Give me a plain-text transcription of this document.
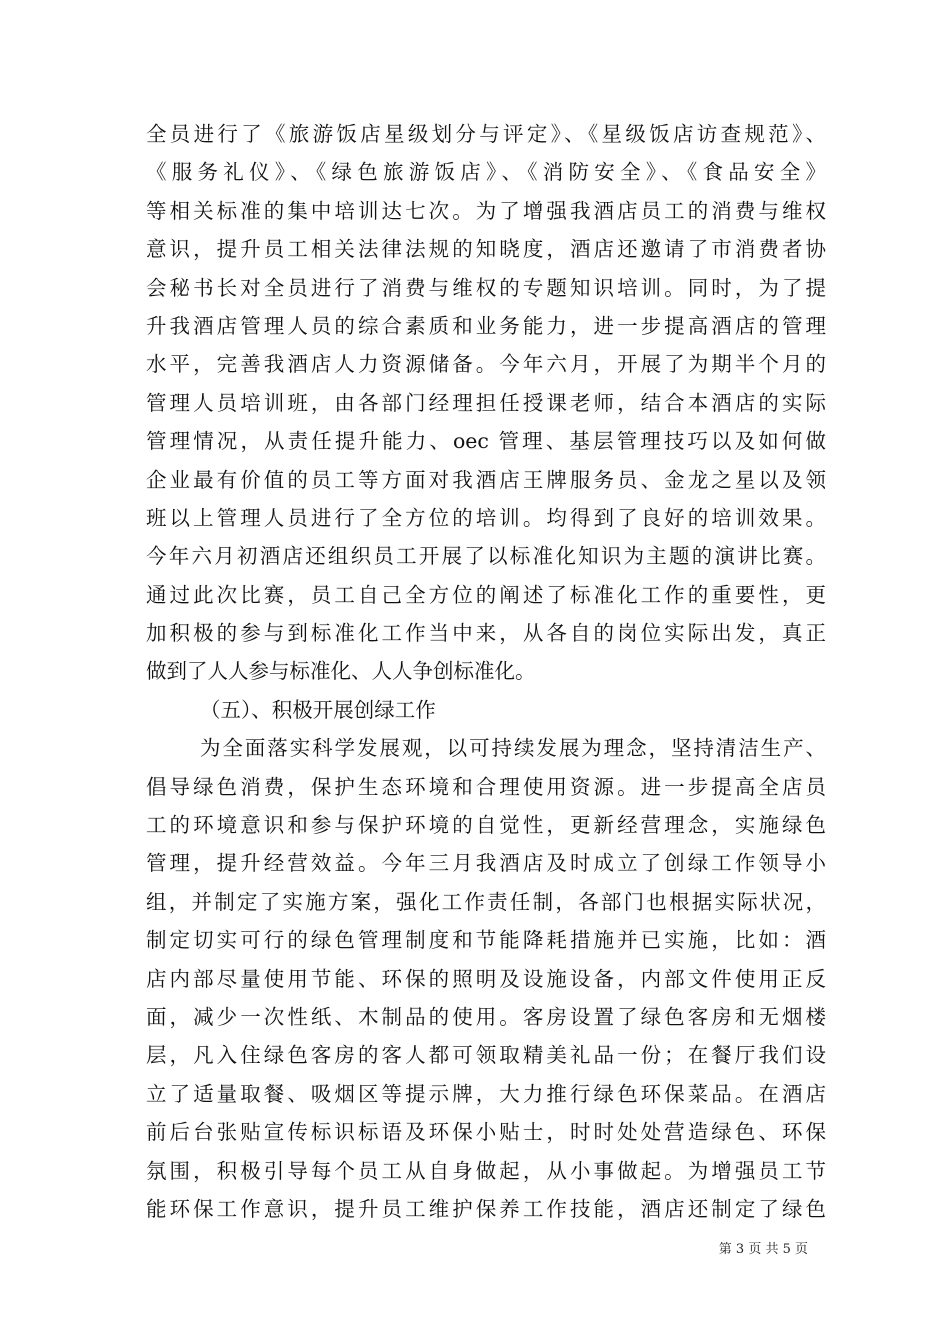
全员进行了《旅游饭店星级划分与评定》、《星级饭店访查规范》、
《服务礼仪》、《绿色旅游饭店》、《消防安全》、《食品安全》
等相关标准的集中培训达七次。为了增强我酒店员工的消费与维权
意识，提升员工相关法律法规的知晓度，酒店还邀请了市消费者协
会秘书长对全员进行了消费与维权的专题知识培训。同时，为了提
升我酒店管理人员的综合素质和业务能力，进一步提高酒店的管理
水平，完善我酒店人力资源储备。今年六月，开展了为期半个月的
管理人员培训班，由各部门经理担任授课老师，结合本酒店的实际
管理情况，从责任提升能力、oec 管理、基层管理技巧以及如何做
企业最有价值的员工等方面对我酒店王牌服务员、金龙之星以及领
班以上管理人员进行了全方位的培训。均得到了良好的培训效果。
今年六月初酒店还组织员工开展了以标准化知识为主题的演讲比赛。
通过此次比赛，员工自己全方位的阐述了标准化工作的重要性，更
加积极的参与到标准化工作当中来，从各自的岗位实际出发，真正
做到了人人参与标准化、人人争创标准化。
（五）、积极开展创绿工作
为全面落实科学发展观，以可持续发展为理念，坚持清洁生产、
倡导绿色消费，保护生态环境和合理使用资源。进一步提高全店员
工的环境意识和参与保护环境的自觉性，更新经营理念，实施绿色
管理，提升经营效益。今年三月我酒店及时成立了创绿工作领导小
组，并制定了实施方案，强化工作责任制，各部门也根据实际状况，
制定切实可行的绿色管理制度和节能降耗措施并已实施，比如：酒
店内部尽量使用节能、环保的照明及设施设备，内部文件使用正反
面，减少一次性纸、木制品的使用。客房设置了绿色客房和无烟楼
层，凡入住绿色客房的客人都可领取精美礼品一份；在餐厅我们设
立了适量取餐、吸烟区等提示牌，大力推行绿色环保菜品。在酒店
前后台张贴宣传标识标语及环保小贴士，时时处处营造绿色、环保
氛围，积极引导每个员工从自身做起，从小事做起。为增强员工节
能环保工作意识，提升员工维护保养工作技能，酒店还制定了绿色
第 3 页 共 5 页
